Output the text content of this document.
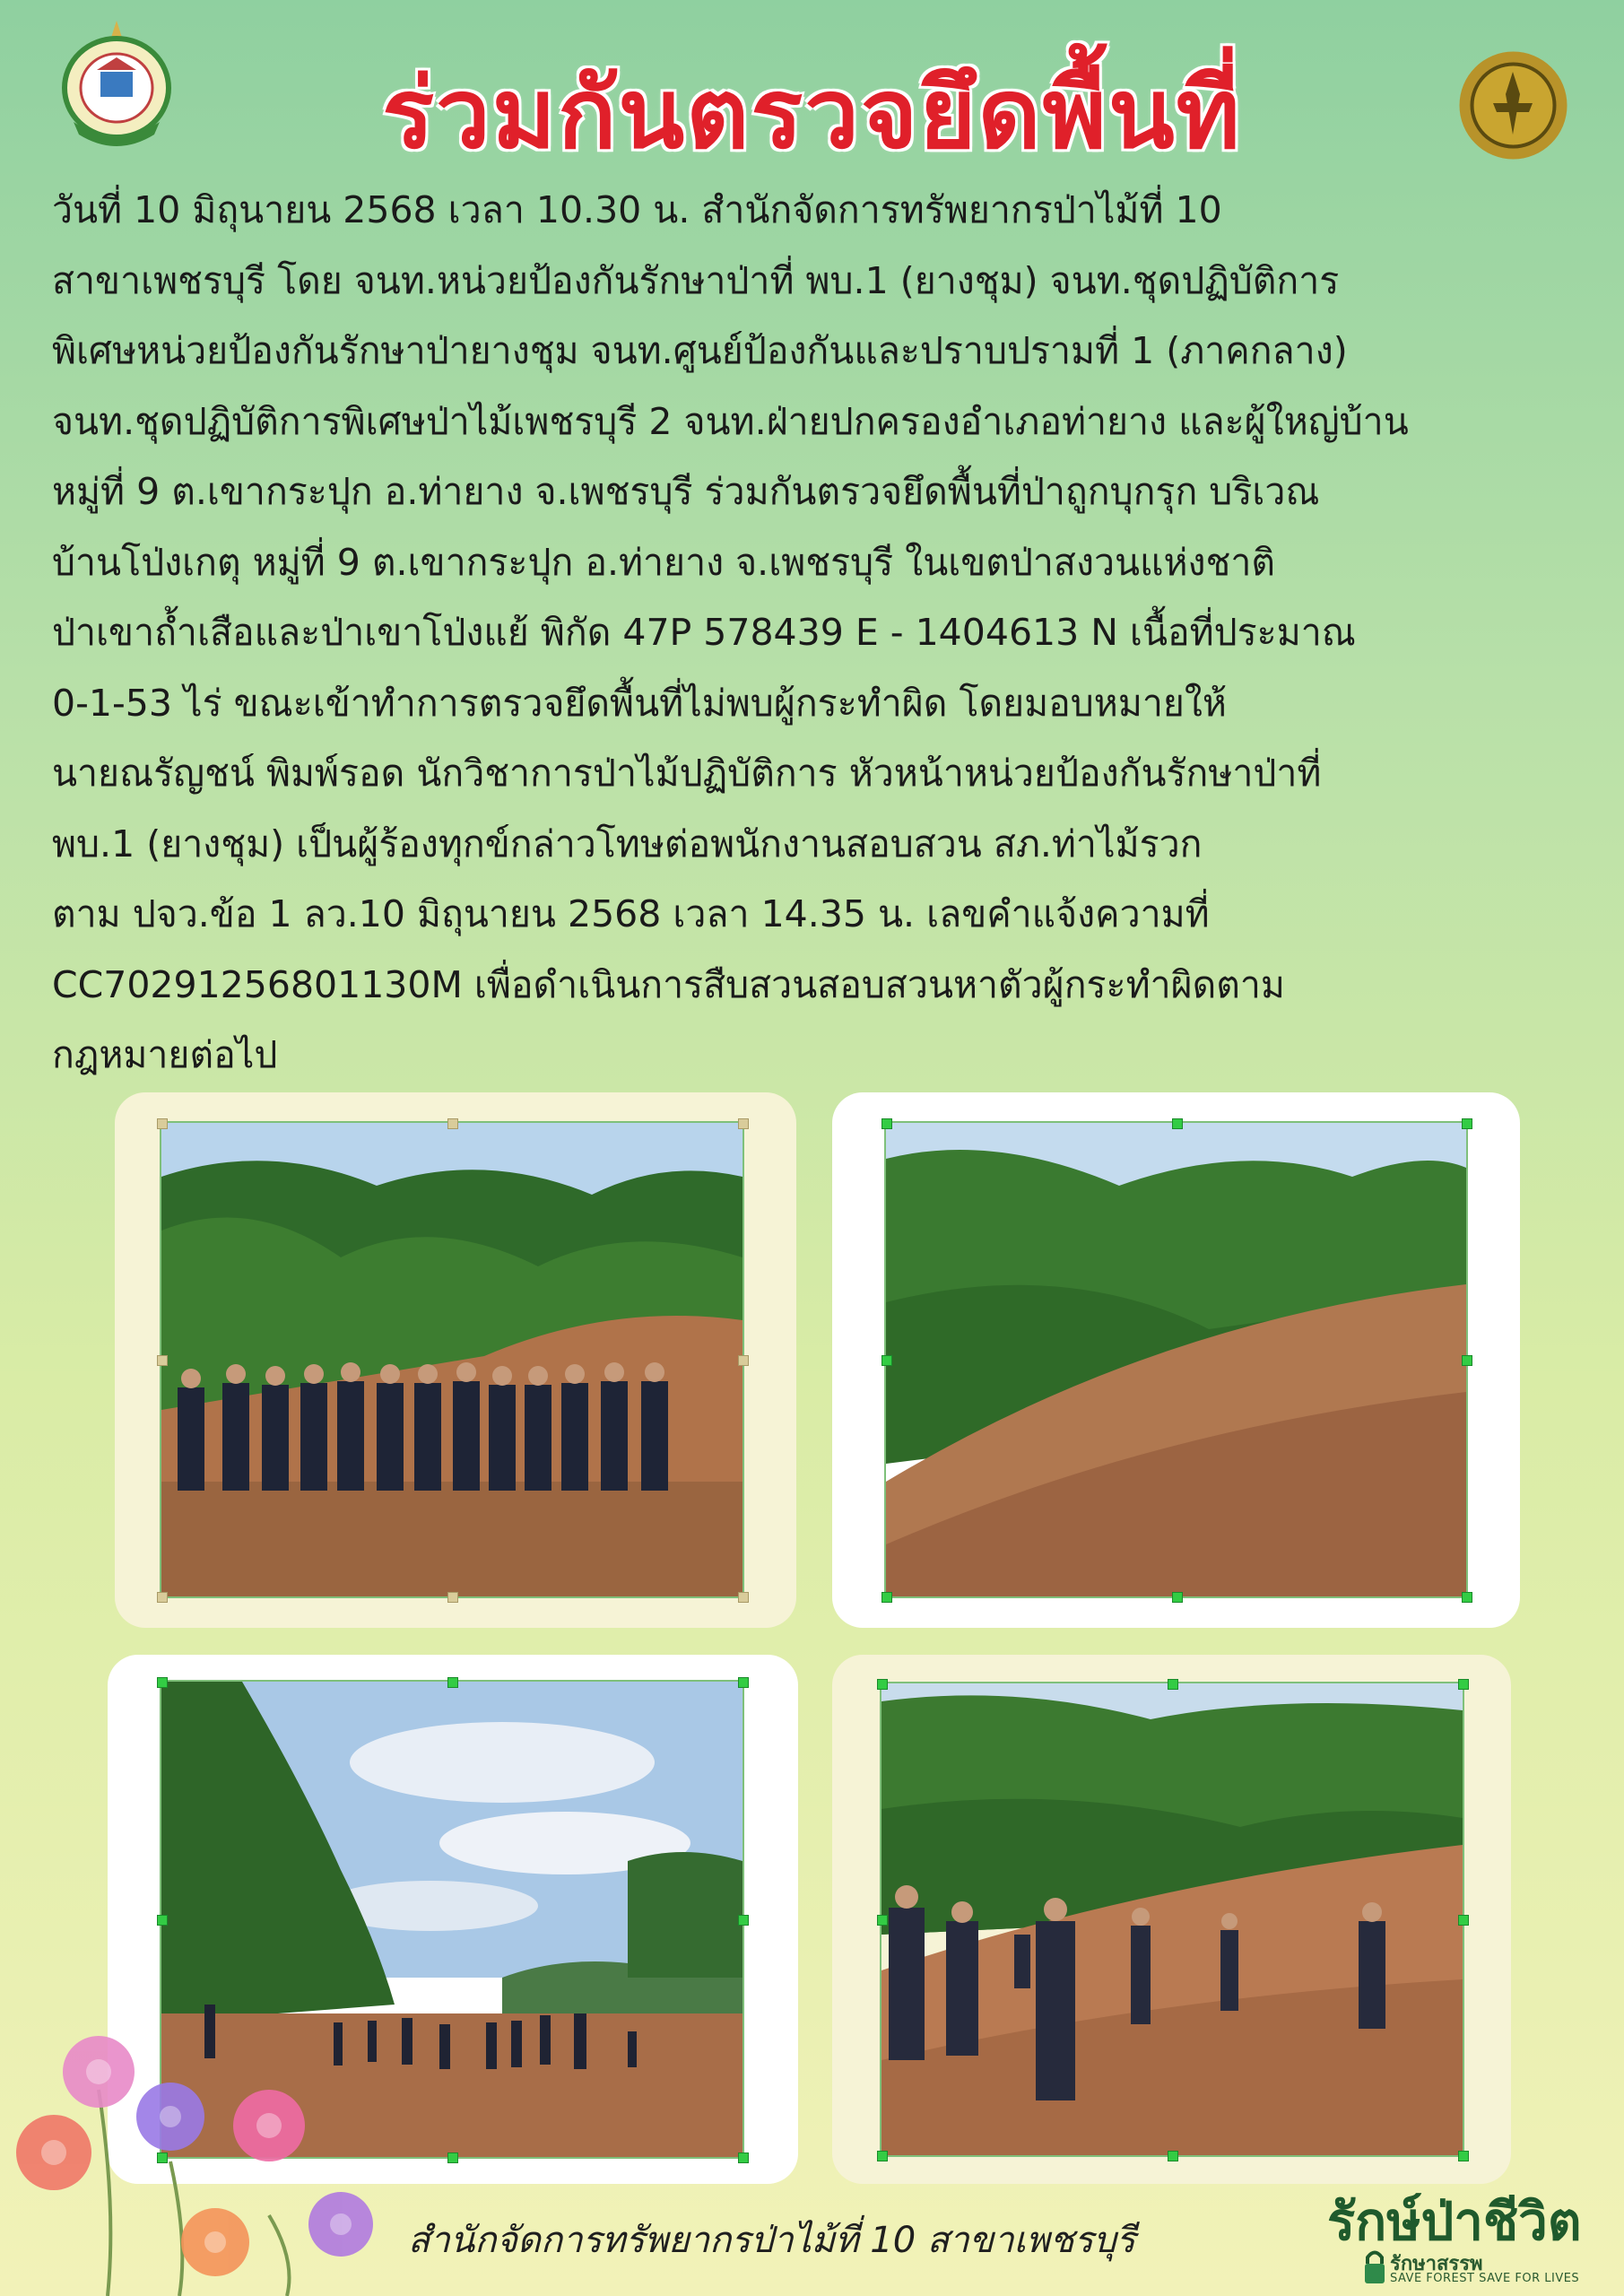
ร่วมกันตรวจยึดพื้นที่
วันที่ 10 มิถุนายน 2568 เวลา 10.30 น. สำนักจัดการทรัพยากรป่าไม้ที่ 10
สาขาเพชรบุรี โดย จนท.หน่วยป้องกันรักษาป่าที่ พบ.1 (ยางชุม) จนท.ชุดปฏิบัติการ
พิเศษหน่วยป้องกันรักษาป่ายางชุม จนท.ศูนย์ป้องกันและปราบปรามที่ 1 (ภาคกลาง)
จนท.ชุดปฏิบัติการพิเศษป่าไม้เพชรบุรี 2 จนท.ฝ่ายปกครองอำเภอท่ายาง และผู้ใหญ่บ้าน
หมู่ที่ 9 ต.เขากระปุก อ.ท่ายาง จ.เพชรบุรี ร่วมกันตรวจยึดพื้นที่ป่าถูกบุกรุก บริเวณ
บ้านโป่งเกตุ หมู่ที่ 9 ต.เขากระปุก อ.ท่ายาง จ.เพชรบุรี ในเขตป่าสงวนแห่งชาติ
ป่าเขาถ้ำเสือและป่าเขาโป่งแย้ พิกัด 47P 578439 E - 1404613 N เนื้อที่ประมาณ
0-1-53 ไร่ ขณะเข้าทำการตรวจยึดพื้นที่ไม่พบผู้กระทำผิด โดยมอบหมายให้
นายณรัญชน์ พิมพ์รอด นักวิชาการป่าไม้ปฏิบัติการ หัวหน้าหน่วยป้องกันรักษาป่าที่
พบ.1 (ยางชุม) เป็นผู้ร้องทุกข์กล่าวโทษต่อพนักงานสอบสวน สภ.ท่าไม้รวก
ตาม ปจว.ข้อ 1 ลว.10 มิถุนายน 2568 เวลา 14.35 น. เลขคำแจ้งความที่
CC70291256801130M เพื่อดำเนินการสืบสวนสอบสวนหาตัวผู้กระทำผิดตาม
กฎหมายต่อไป
สำนักจัดการทรัพยากรป่าไม้ที่ 10 สาขาเพชรบุรี	รักษ์ป่าชีวิต
รักษาสรรพ
SAVE FOREST SAVE FOR LIVES
